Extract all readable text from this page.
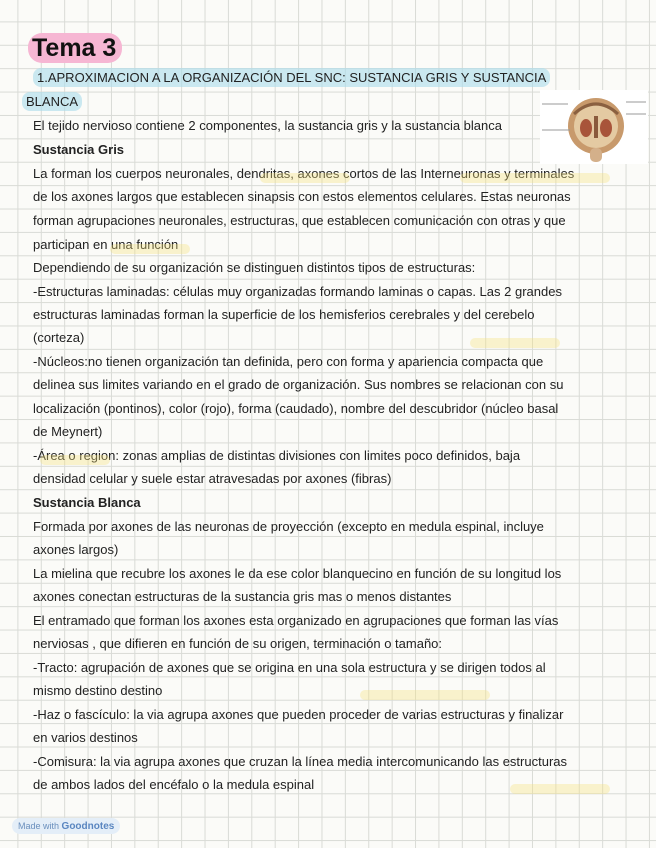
Tema 3
1.APROXIMACION A LA ORGANIZACIÓN DEL SNC: SUSTANCIA GRIS Y SUSTANCIA
BLANCA
El tejido nervioso contiene 2 componentes, la sustancia gris y la sustancia blanca
Sustancia Gris
La forman los cuerpos neuronales, dendritas, axones cortos de las Interneuronas y terminales
de los axones largos que establecen sinapsis con estos elementos celulares. Estas neuronas
forman agrupaciones neuronales, estructuras, que establecen comunicación con otras y que
participan en una función
Dependiendo de su organización se distinguen distintos tipos de estructuras:
-Estructuras laminadas: células muy organizadas formando laminas o capas. Las 2 grandes
estructuras laminadas forman la superficie de los hemisferios cerebrales y del cerebelo
(corteza)
-Núcleos:no tienen organización tan definida, pero con forma y apariencia compacta que
delinea sus limites variando en el grado de organización. Sus nombres se relacionan con su
localización (pontinos), color (rojo), forma (caudado), nombre del descubridor (núcleo basal
de Meynert)
-Área o region: zonas amplias de distintas divisiones con limites poco definidos, baja
densidad celular y suele estar atravesadas por axones (fibras)
Sustancia Blanca
Formada por axones de las neuronas de proyección (excepto en medula espinal, incluye
axones largos)
La mielina que recubre los axones le da ese color blanquecino en función de su longitud los
axones conectan estructuras de la sustancia gris mas o menos distantes
El entramado que forman los axones esta organizado en agrupaciones que forman las vías
nerviosas , que difieren en función de su origen, terminación o tamaño:
-Tracto: agrupación de axones que se origina en una sola estructura y se dirigen todos al
mismo destino destino
-Haz o fascículo: la via agrupa axones que pueden proceder de varias estructuras y finalizar
en varios destinos
-Comisura: la via agrupa axones que cruzan la línea media intercomunicando las estructuras
de ambos lados del encéfalo o la medula espinal
Made with Goodnotes
